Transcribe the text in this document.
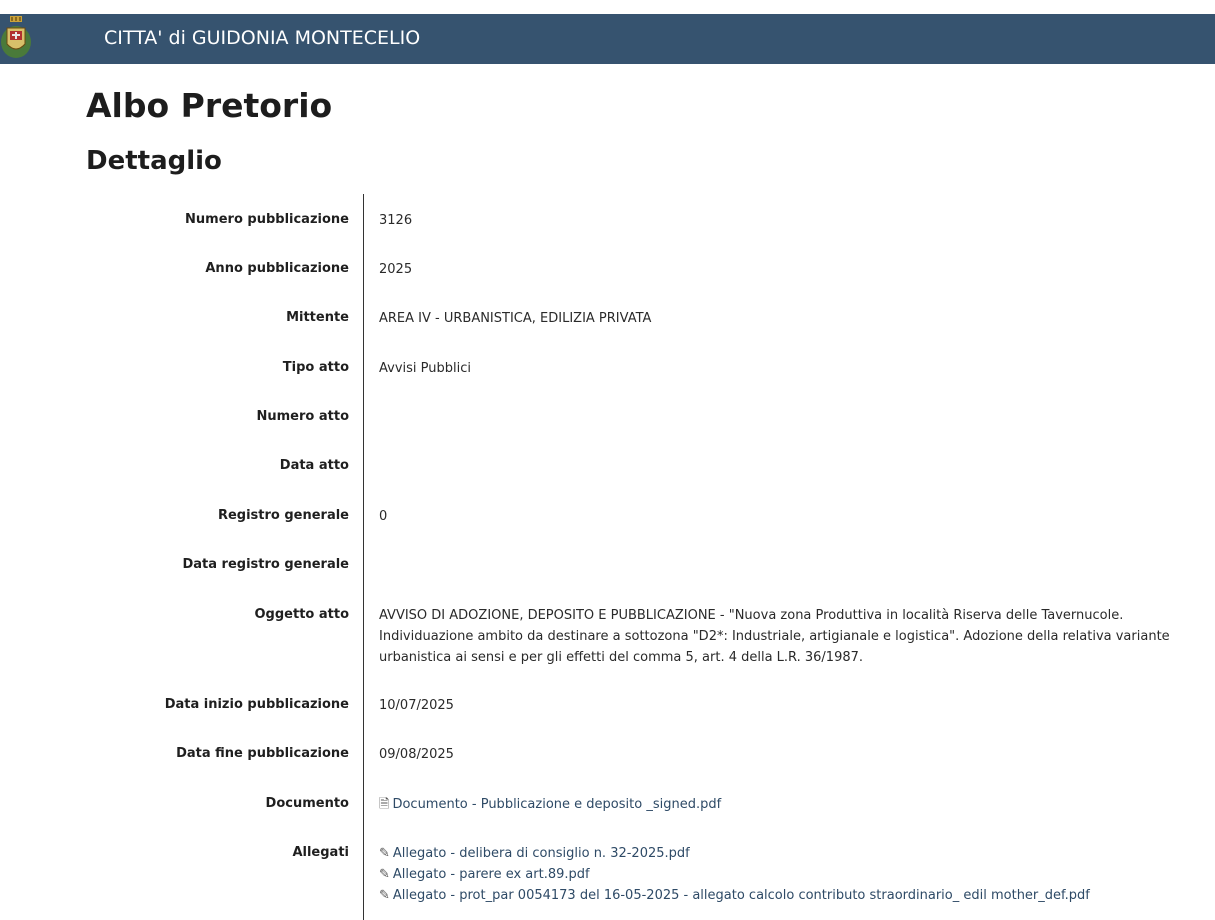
CITTA' di GUIDONIA MONTECELIO
Albo Pretorio
Dettaglio
Numero pubblicazione 3126
Anno pubblicazione 2025
Mittente AREA IV - URBANISTICA, EDILIZIA PRIVATA
Tipo atto Avvisi Pubblici
Numero atto
Data atto
Registro generale 0
Data registro generale
Oggetto atto AVVISO DI ADOZIONE, DEPOSITO E PUBBLICAZIONE - "Nuova zona Produttiva in località Riserva delle Tavernucole. Individuazione ambito da destinare a sottozona "D2*: Industriale, artigianale e logistica". Adozione della relativa variante urbanistica ai sensi e per gli effetti del comma 5, art. 4 della L.R. 36/1987.
Data inizio pubblicazione 10/07/2025
Data fine pubblicazione 09/08/2025
Documento 🗎 Documento - Pubblicazione e deposito _signed.pdf
Allegati ✎ Allegato - delibera di consiglio n. 32-2025.pdf
✎ Allegato - parere ex art.89.pdf
✎ Allegato - prot_par 0054173 del 16-05-2025 - allegato calcolo contributo straordinario_ edil mother_def.pdf
